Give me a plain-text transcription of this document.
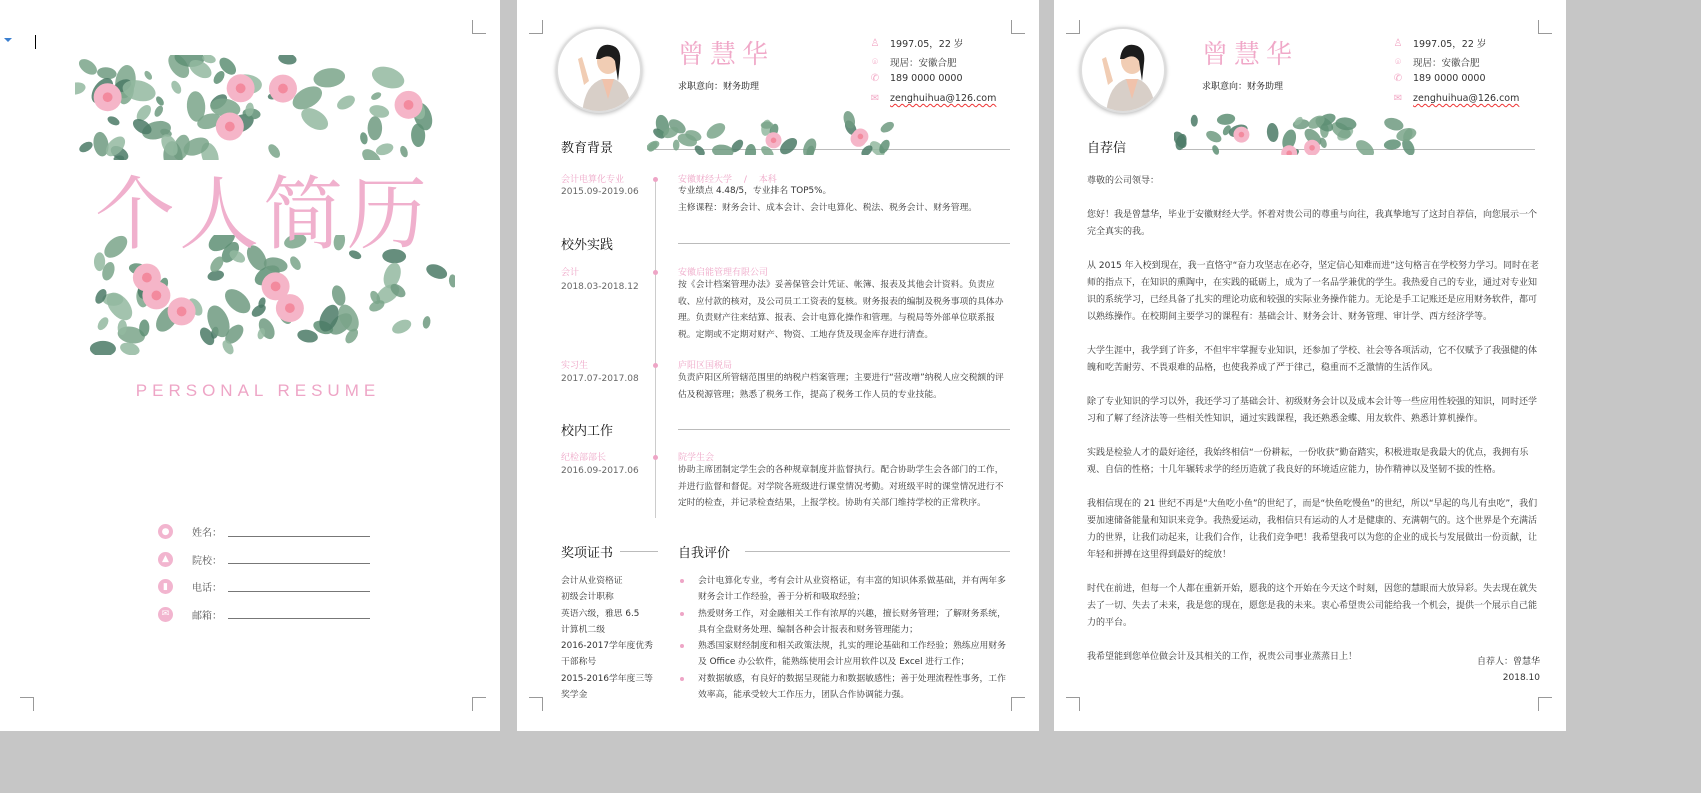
个人简历
PERSONAL RESUME
●	姓名：
▲	院校：
▮	电话：
✉	邮箱：
曾慧华
求职意向：财务助理
♙ 1997.05，22 岁
⌾	现居：安徽合肥
✆ 189 0000 0000
✉ zenghuihua@126.com
教育背景
会计电算化专业
2015.09-2019.06
安徽财经大学　 /　 本科
专业绩点 4.48/5，专业排名 TOP5%。
主修课程：财务会计、成本会计、会计电算化、税法、税务会计、财务管理。
校外实践
会计
2018.03-2018.12
安徽启能管理有限公司
按《会计档案管理办法》妥善保管会计凭证、帐簿、报表及其他会计资料。负责应收、应付款的核对，及公司员工工资表的复核。财务报表的编制及税务事项的具体办理。负责财产往来结算、报表、会计电算化操作和管理。与税局等外部单位联系报税。定期或不定期对财产、物资、工地存货及现金库存进行清查。
实习生
2017.07-2017.08
庐阳区国税局
负责庐阳区所管辖范围里的纳税户档案管理；主要进行“营改增”纳税人应交税额的评估及税源管理；熟悉了税务工作，提高了税务工作人员的专业技能。
校内工作
纪检部部长
2016.09-2017.06
院学生会
协助主席团制定学生会的各种规章制度并监督执行。配合协助学生会各部门的工作，并进行监督和督促。对学院各班级进行课堂情况考勤。对班级平时的课堂情况进行不定时的检查，并记录检查结果，上报学校。协助有关部门维持学校的正常秩序。
奖项证书
会计从业资格证
初级会计职称
英语六级，雅思 6.5
计算机二级
2016-2017学年度优秀干部称号
2015-2016学年度三等奖学金
自我评价
会计电算化专业，考有会计从业资格证，有丰富的知识体系做基础，并有两年多财务会计工作经验，善于分析和吸取经验；
热爱财务工作，对金融相关工作有浓厚的兴趣，擅长财务管理；了解财务系统，具有全盘财务处理、编制各种会计报表和财务管理能力；
熟悉国家财经制度和相关政策法规，扎实的理论基础和工作经验；熟练应用财务及 Office 办公软件，能熟练使用会计应用软件以及 Excel 进行工作；
对数据敏感，有良好的数据呈现能力和数据敏感性；善于处理流程性事务，工作效率高，能承受较大工作压力，团队合作协调能力强。
曾慧华
求职意向：财务助理
♙ 1997.05，22 岁
⌾	现居：安徽合肥
✆ 189 0000 0000
✉ zenghuihua@126.com
自荐信

尊敬的公司领导：

您好！我是曾慧华，毕业于安徽财经大学。怀着对贵公司的尊重与向往，我真挚地写了这封自荐信，向您展示一个完全真实的我。

从 2015 年入校到现在，我一直恪守“奋力攻坚志在必夺，坚定信心知难而进”这句格言在学校努力学习。同时在老师的指点下，在知识的熏陶中，在实践的砥砺上，成为了一名品学兼优的学生。我热爱自己的专业，通过对专业知识的系统学习，已经具备了扎实的理论功底和较强的实际业务操作能力。无论是手工记账还是应用财务软件，都可以熟练操作。在校期间主要学习的课程有：基础会计、财务会计、财务管理、审计学、西方经济学等。

大学生涯中，我学到了许多，不但牢牢掌握专业知识，还参加了学校、社会等各项活动，它不仅赋予了我强健的体魄和吃苦耐劳、不畏艰难的品格，也使我养成了严于律己，稳重而不乏激情的生活作风。

除了专业知识的学习以外，我还学习了基础会计、初级财务会计以及成本会计等一些应用性较强的知识，同时还学习和了解了经济法等一些相关性知识，通过实践课程，我还熟悉金蝶、用友软件、熟悉计算机操作。

实践是检验人才的最好途径，我始终相信“一份耕耘，一份收获”勤奋踏实，积极进取是我最大的优点，我拥有乐观、自信的性格；十几年辗转求学的经历造就了我良好的环境适应能力，协作精神以及坚韧不拔的性格。

我相信现在的 21 世纪不再是“大鱼吃小鱼”的世纪了，而是“快鱼吃慢鱼”的世纪，所以“早起的鸟儿有虫吃”，我们要加速储备能量和知识来竞争。我热爱运动，我相信只有运动的人才是健康的、充满朝气的。这个世界是个充满活力的世界，让我们动起来，让我们合作，让我们竞争吧！我希望我可以为您的企业的成长与发展做出一份贡献，让年轻和拼搏在这里得到最好的绽放！

时代在前进，但每一个人都在重新开始，愿我的这个开始在今天这个时刻，因您的慧眼而大放异彩。失去现在就失去了一切、失去了未来，我是您的现在，愿您是我的未来。衷心希望贵公司能给我一个机会，提供一个展示自己能力的平台。

我希望能到您单位做会计及其相关的工作，祝贵公司事业蒸蒸日上！	自荐人：曾慧华
2018.10
